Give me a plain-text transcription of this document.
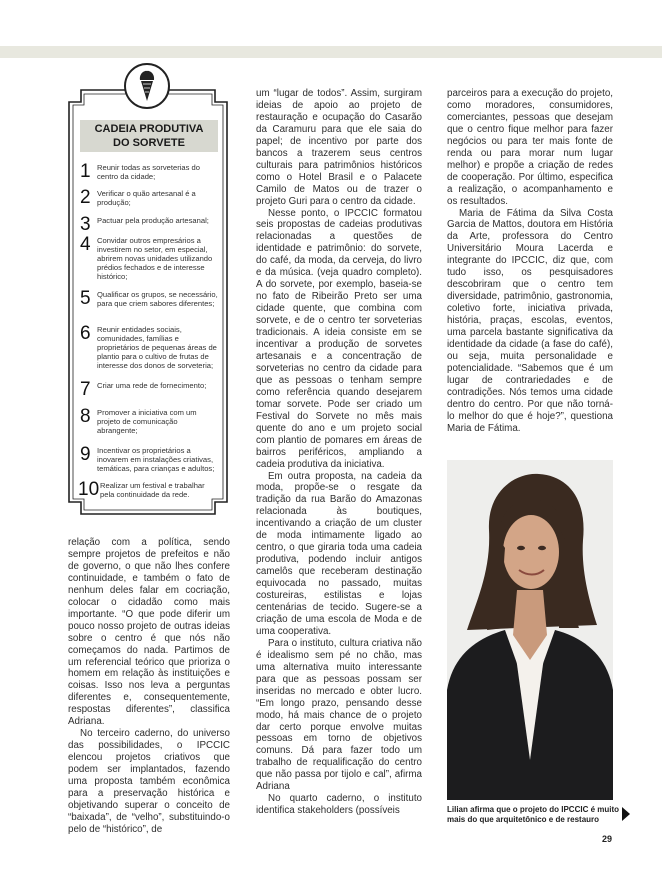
CADEIA PRODUTIVA
DO SORVETE
1 Reunir todas as sorveterias do centro da cidade;
2 Verificar o quão artesanal é a produção;
3 Pactuar pela produção artesanal;
4 Convidar outros empresários a investirem no setor, em especial, abrirem novas unidades utilizando prédios fechados e de interesse histórico;
5 Qualificar os grupos, se necessário, para que criem sabores diferentes;
6 Reunir entidades sociais, comunidades, famílias e proprietários de pequenas áreas de plantio para o cultivo de frutas de interesse dos donos de sorveteria;
7 Criar uma rede de fornecimento;
8 Promover a iniciativa com um projeto de comunicação abrangente;
9 Incentivar os proprietários a inovarem em instalações criativas, temáticas, para crianças e adultos;
10 Realizar um festival e trabalhar pela continuidade da rede.

relação com a política, sendo sempre projetos de prefeitos e não de governo, o que não lhes confere continuidade, e também o fato de nenhum deles falar em cocriação, colocar o cidadão como mais importante. “O que pode diferir um pouco nosso projeto de outras ideias sobre o centro é que nós não começamos do nada. Partimos de um referencial teórico que prioriza o homem em relação às instituições e coisas. Isso nos leva a perguntas diferentes e, consequentemente, respostas diferentes”, classifica Adriana.

No terceiro caderno, do universo das possibilidades, o IPCCIC elencou projetos criativos que podem ser implantados, fazendo uma proposta também econômica para a preservação histórica e objetivando superar o conceito de “baixada”, de “velho”, substituindo-o pelo de “histórico”, de

um “lugar de todos”. Assim, surgiram ideias de apoio ao projeto de restauração e ocupação do Casarão da Caramuru para que ele saia do papel; de incentivo por parte dos bancos a trazerem seus centros culturais para patrimônios históricos como o Hotel Brasil e o Palacete Camilo de Matos ou de trazer o projeto Guri para o centro da cidade.

Nesse ponto, o IPCCIC formatou seis propostas de cadeias produtivas relacionadas a questões de identidade e patrimônio: do sorvete, do café, da moda, da cerveja, do livro e da música. (veja quadro completo). A do sorvete, por exemplo, baseia-se no fato de Ribeirão Preto ser uma cidade quente, que combina com sorvete, e de o centro ter sorveterias tradicionais. A ideia consiste em se incentivar a produção de sorvetes artesanais e a concentração de sorveterias no centro da cidade para que as pessoas o tenham sempre como referência quando desejarem tomar sorvete. Pode ser criado um Festival do Sorvete no mês mais quente do ano e um projeto social com plantio de pomares em áreas de bairros periféricos, ampliando a cadeia produtiva da iniciativa.

Em outra proposta, na cadeia da moda, propõe-se o resgate da tradição da rua Barão do Amazonas relacionada às boutiques, incentivando a criação de um cluster de moda intimamente ligado ao centro, o que giraria toda uma cadeia produtiva, podendo incluir antigos camelôs que receberam destinação equivocada no passado, muitas costureiras, estilistas e lojas centenárias de tecido. Sugere-se a criação de uma escola de Moda e de uma cooperativa.

Para o instituto, cultura criativa não é idealismo sem pé no chão, mas uma alternativa muito interessante para que as pessoas possam ser inseridas no mercado e obter lucro. “Em longo prazo, pensando desse modo, há mais chance de o projeto dar certo porque envolve muitas pessoas em torno de objetivos comuns. Dá para fazer todo um trabalho de requalificação do centro que não passa por tijolo e cal”, afirma Adriana

No quarto caderno, o instituto identifica stakeholders (possíveis

parceiros para a execução do projeto, como moradores, consumidores, comerciantes, pessoas que desejam que o centro fique melhor para fazer negócios ou para ter mais fonte de renda ou para morar num lugar melhor) e propõe a criação de redes de cooperação. Por último, especifica a realização, o acompanhamento e os resultados.

Maria de Fátima da Silva Costa Garcia de Mattos, doutora em História da Arte, professora do Centro Universitário Moura Lacerda e integrante do IPCCIC, diz que, com tudo isso, os pesquisadores descobriram que o centro tem diversidade, patrimônio, gastronomia, coletivo forte, iniciativa privada, história, praças, escolas, eventos, uma parcela bastante significativa da identidade da cidade (a fase do café), ou seja, muita personalidade e potencialidade. “Sabemos que é um lugar de contrariedades e de contradições. Nós temos uma cidade dentro do centro. Por que não torná-lo melhor do que é hoje?”, questiona Maria de Fátima.

Lilian afirma que o projeto do IPCCIC é muito mais do que arquitetônico e de restauro
29
